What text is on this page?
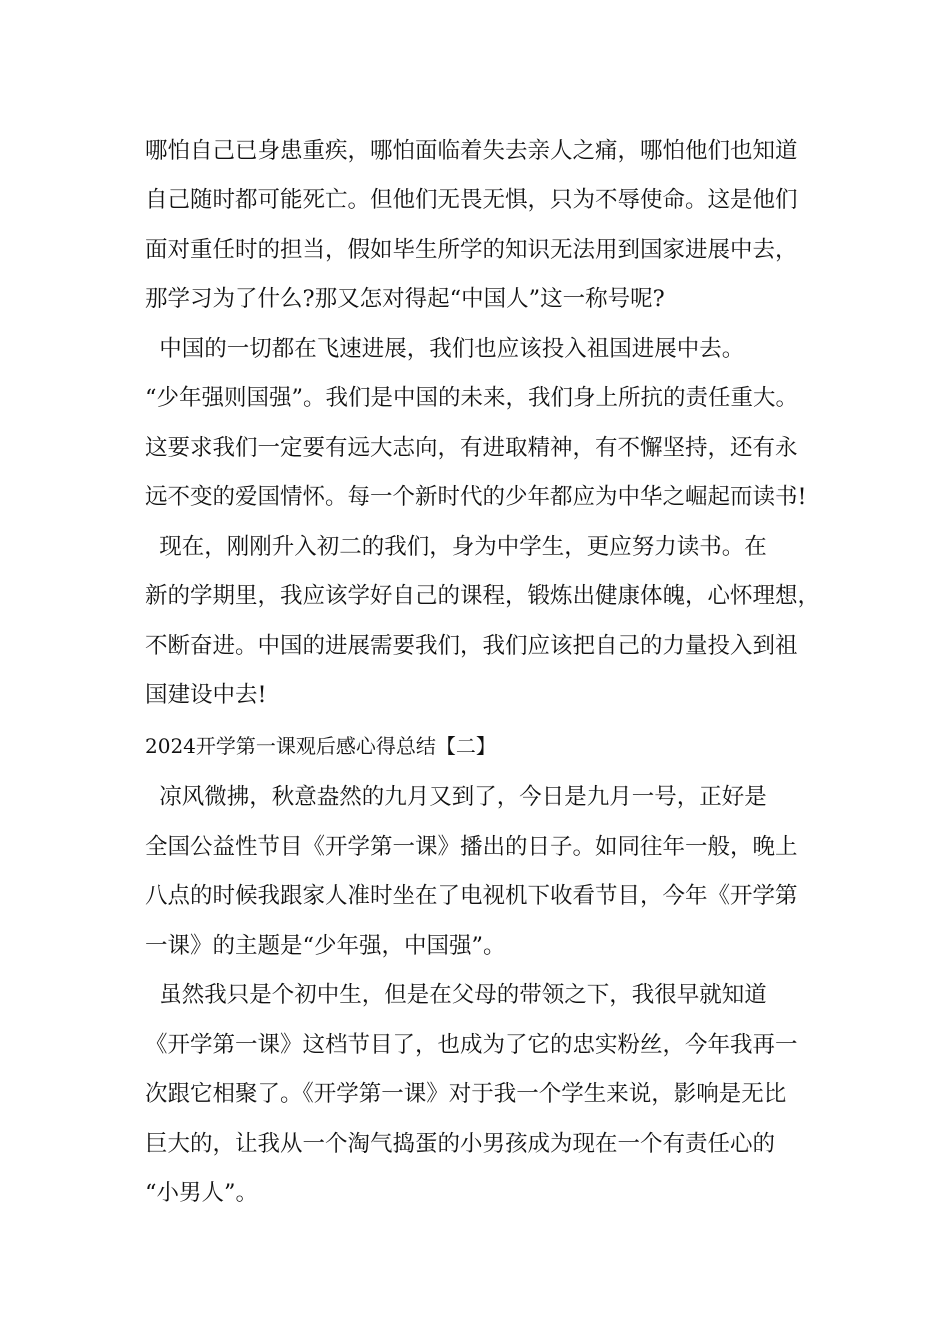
哪怕自己已身患重疾，哪怕面临着失去亲人之痛，哪怕他们也知道
自己随时都可能死亡。但他们无畏无惧，只为不辱使命。这是他们
面对重任时的担当，假如毕生所学的知识无法用到国家进展中去，
那学习为了什么?那又怎对得起“中国人”这一称号呢?
中国的一切都在飞速进展，我们也应该投入祖国进展中去。
“少年强则国强”。我们是中国的未来，我们身上所抗的责任重大。
这要求我们一定要有远大志向，有进取精神，有不懈坚持，还有永
远不变的爱国情怀。每一个新时代的少年都应为中华之崛起而读书!
现在，刚刚升入初二的我们，身为中学生，更应努力读书。在
新的学期里，我应该学好自己的课程，锻炼出健康体魄，心怀理想，
不断奋进。中国的进展需要我们，我们应该把自己的力量投入到祖
国建设中去!
2024开学第一课观后感心得总结【二】
凉风微拂，秋意盎然的九月又到了，今日是九月一号，正好是
全国公益性节目《开学第一课》播出的日子。如同往年一般，晚上
八点的时候我跟家人准时坐在了电视机下收看节目，今年《开学第
一课》的主题是“少年强，中国强”。
虽然我只是个初中生，但是在父母的带领之下，我很早就知道
《开学第一课》这档节目了，也成为了它的忠实粉丝，今年我再一
次跟它相聚了。《开学第一课》对于我一个学生来说，影响是无比
巨大的，让我从一个淘气捣蛋的小男孩成为现在一个有责任心的
“小男人”。
